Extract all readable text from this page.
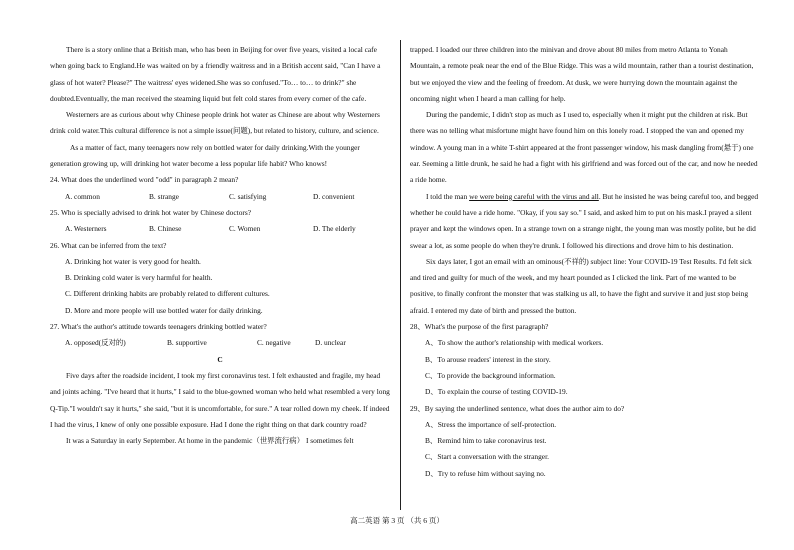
There is a story online that a British man, who has been in Beijing for over five years, visited a local cafe when going back to England.He was waited on by a friendly waitress and in a British accent said, "Can I have a glass of hot water? Please?" The waitress' eyes widened.She was so confused."To… to… to drink?" she doubted.Eventually, the man received the steaming liquid but felt cold stares from every corner of the cafe.

Westerners are as curious about why Chinese people drink hot water as Chinese are about why Westerners drink cold water.This cultural difference is not a simple issue(问题), but related to history, culture, and science.

As a matter of fact, many teenagers now rely on bottled water for daily drinking.With the younger generation growing up, will drinking hot water become a less popular life habit? Who knows!

24. What does the underlined word "odd" in paragraph 2 mean?

A. common	B. strange	C. satisfying	D. convenient

25. Who is specially advised to drink hot water by Chinese doctors?

A. Westerners	B. Chinese	C. Women	D. The elderly

26. What can be inferred from the text?

A. Drinking hot water is very good for health.

B. Drinking cold water is very harmful for health.

C. Different drinking habits are probably related to different cultures.

D. More and more people will use bottled water for daily drinking.

27. What's the author's attitude towards teenagers drinking bottled water?

A. opposed(反对的)	B. supportive	C. negative	D. unclear

C

Five days after the roadside incident, I took my first coronavirus test. I felt exhausted and fragile, my head and joints aching. "I've heard that it hurts," I said to the blue-gowned woman who held what resembled a very long Q-Tip."I wouldn't say it hurts," she said, "but it is uncomfortable, for sure." A tear rolled down my cheek. If indeed I had the virus, I knew of only one possible exposure. Had I done the right thing on that dark country road?

It was a Saturday in early September. At home in the pandemic（世界流行病） I sometimes felt

trapped. I loaded our three children into the minivan and drove about 80 miles from metro Atlanta to Yonah Mountain, a remote peak near the end of the Blue Ridge. This was a wild mountain, rather than a tourist destination, but we enjoyed the view and the feeling of freedom. At dusk, we were hurrying down the mountain against the oncoming night when I heard a man calling for help.

During the pandemic, I didn't stop as much as I used to, especially when it might put the children at risk. But there was no telling what misfortune might have found him on this lonely road. I stopped the van and opened my window. A young man in a white T-shirt appeared at the front passenger window, his mask dangling from(悬于) one ear. Seeming a little drunk, he said he had a fight with his girlfriend and was forced out of the car, and now he needed a ride home.

I told the man we were being careful with the virus and all. But he insisted he was being careful too, and begged whether he could have a ride home. "Okay, if you say so." I said, and asked him to put on his mask.I prayed a silent prayer and kept the windows open. In a strange town on a strange night, the young man was mostly polite, but he did swear a lot, as some people do when they're drunk. I followed his directions and drove him to his destination.

Six days later, I got an email with an ominous(不祥的) subject line: Your COVID-19 Test Results. I'd felt sick and tired and guilty for much of the week, and my heart pounded as I clicked the link. Part of me wanted to be positive, to finally confront the monster that was stalking us all, to have the fight and survive it and just stop being afraid. I entered my date of birth and pressed the button.

28、What's the purpose of the first paragraph?

A、To show the author's relationship with medical workers.

B、To arouse readers' interest in the story.

C、To provide the background information.

D、To explain the course of testing COVID-19.

29、By saying the underlined sentence, what does the author aim to do?

A、Stress the importance of self-protection.

B、Remind him to take coronavirus test.

C、Start a conversation with the stranger.

D、Try to refuse him without saying no.

高二英语 第 3 页 （共 6 页）
